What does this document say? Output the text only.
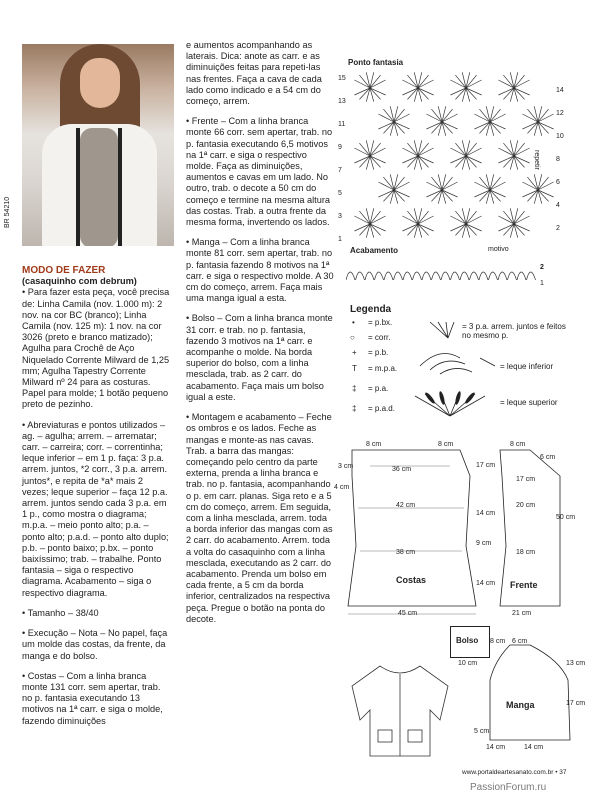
BR 54210
MODO DE FAZER
(casaquinho com debrum)

• Para fazer esta peça, você precisa de: Linha Camila (nov. 1.000 m): 2 nov. na cor BC (branco); Linha Camila (nov. 125 m): 1 nov. na cor 3026 (preto e branco matizado); Agulha para Crochê de Aço Niquelado Corrente Milward de 1,25 mm; Agulha Tapestry Corrente Milward nº 24 para as costuras. Papel para molde; 1 botão pequeno preto de pezinho.

• Abreviaturas e pontos utilizados – ag. – agulha; arrem. – arrematar; carr. – carreira; corr. – correntinha; leque inferior – em 1 p. faça: 3 p.a. arrem. juntos, *2 corr., 3 p.a. arrem. juntos*, e repita de *a* mais 2 vezes; leque superior – faça 12 p.a. arrem. juntos sendo cada 3 p.a. em 1 p., como mostra o diagrama; m.p.a. – meio ponto alto; p.a. – ponto alto; p.a.d. – ponto alto duplo; p.b. – ponto baixo; p.bx. – ponto baixíssimo; trab. – trabalhe. Ponto fantasia – siga o respectivo diagrama. Acabamento – siga o respectivo diagrama.

• Tamanho – 38/40

• Execução – Nota – No papel, faça um molde das costas, da frente, da manga e do bolso.

• Costas – Com a linha branca monte 131 corr. sem apertar, trab. no p. fantasia executando 13 motivos na 1ª carr. e siga o molde, fazendo diminuições

e aumentos acompanhando as laterais. Dica: anote as carr. e as diminuições feitas para repeti-las nas frentes. Faça a cava de cada lado como indicado e a 54 cm do começo, arrem.

• Frente – Com a linha branca monte 66 corr. sem apertar, trab. no p. fantasia executando 6,5 motivos na 1ª carr. e siga o respectivo molde. Faça as diminuições, aumentos e cavas em um lado. No outro, trab. o decote a 50 cm do começo e termine na mesma altura das costas. Trab. a outra frente da mesma forma, invertendo os lados.

• Manga – Com a linha branca monte 81 corr. sem apertar, trab. no p. fantasia fazendo 8 motivos na 1ª carr. e siga o respectivo molde. A 30 cm do começo, arrem. Faça mais uma manga igual a esta.

• Bolso – Com a linha branca monte 31 corr. e trab. no p. fantasia, fazendo 3 motivos na 1ª carr. e acompanhe o molde. Na borda superior do bolso, com a linha mesclada, trab. as 2 carr. do acabamento. Faça mais um bolso igual a este.

• Montagem e acabamento – Feche os ombros e os lados. Feche as mangas e monte-as nas cavas. Trab. a barra das mangas: começando pelo centro da parte externa, prenda a linha branca e trab. no p. fantasia, acompanhando o p. em carr. planas. Siga reto e a 5 cm do começo, arrem. Em seguida, com a linha mesclada, arrem. toda a borda inferior das mangas com as 2 carr. do acabamento. Arrem. toda a volta do casaquinho com a linha mesclada, executando as 2 carr. do acabamento. Prenda um bolso em cada frente, a 5 cm da borda inferior, centralizados na respectiva peça. Pregue o botão na ponta do decote.

Ponto fantasia
1
2
3
4
5
6
7
8
9
10
11
12
13
14
15
repetir
motivo
Acabamento
2
1
Legenda
• = p.bx.
○ = corr.
+ = p.b.
T = m.p.a.
‡ = p.a.
‡ = p.a.d.
= 3 p.a. arrem. juntos e feitos no mesmo p.
= leque inferior
= leque superior
8 cm	8 cm
36 cm
3 cm
4 cm
42 cm
17 cm
14 cm
9 cm
14 cm
38 cm
45 cm
Costas
8 cm
6 cm
17 cm
20 cm
18 cm
50 cm
21 cm
Frente
Bolso
10 cm
8 cm 6 cm
13 cm
17 cm
5 cm
14 cm	14 cm
Manga
www.portaldeartesanato.com.br • 37
PassionForum.ru
